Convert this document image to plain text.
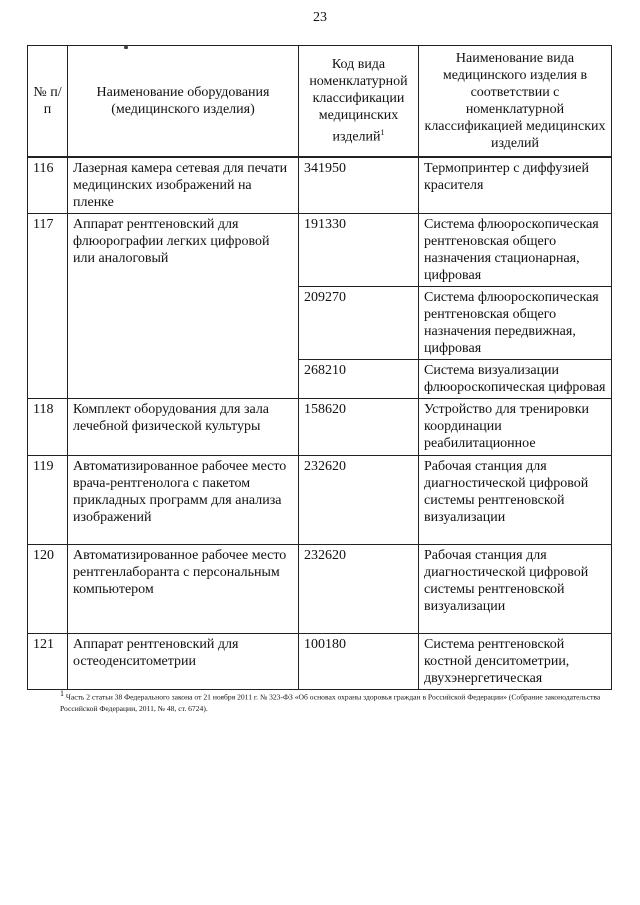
23
№ п/п	Наименование оборудования (медицинского изделия)	Код вида номенклатурной классификации медицинских изделий$^1$	Наименование вида медицинского изделия в соответствии с номенклатурной классификацией медицинских изделий
116	Лазерная камера сетевая для печати медицинских изображений на пленке	341950	Термопринтер с диффузией красителя
117	Аппарат рентгеновский для флюорографии легких цифровой или аналоговый	191330	Система флюороскопическая рентгеновская общего назначения стационарная, цифровая
		209270	Система флюороскопическая рентгеновская общего назначения передвижная, цифровая
		268210	Система визуализации флюороскопическая цифровая
118	Комплект оборудования для зала лечебной физической культуры	158620	Устройство для тренировки координации реабилитационное
119	Автоматизированное рабочее место врача-рентгенолога с пакетом прикладных программ для анализа изображений	232620	Рабочая станция для диагностической цифровой системы рентгеновской визуализации
120	Автоматизированное рабочее место рентгенлаборанта с персональным компьютером	232620	Рабочая станция для диагностической цифровой системы рентгеновской визуализации
121	Аппарат рентгеновский для остеоденситометрии	100180	Система рентгеновской костной денситометрии, двухэнергетическая
$^1$ Часть 2 статьи 38 Федерального закона от 21 ноября 2011 г. № 323-ФЗ «Об основах охраны здоровья граждан в Российской Федерации» (Собрание законодательства Российской Федерации, 2011, № 48, ст. 6724).
